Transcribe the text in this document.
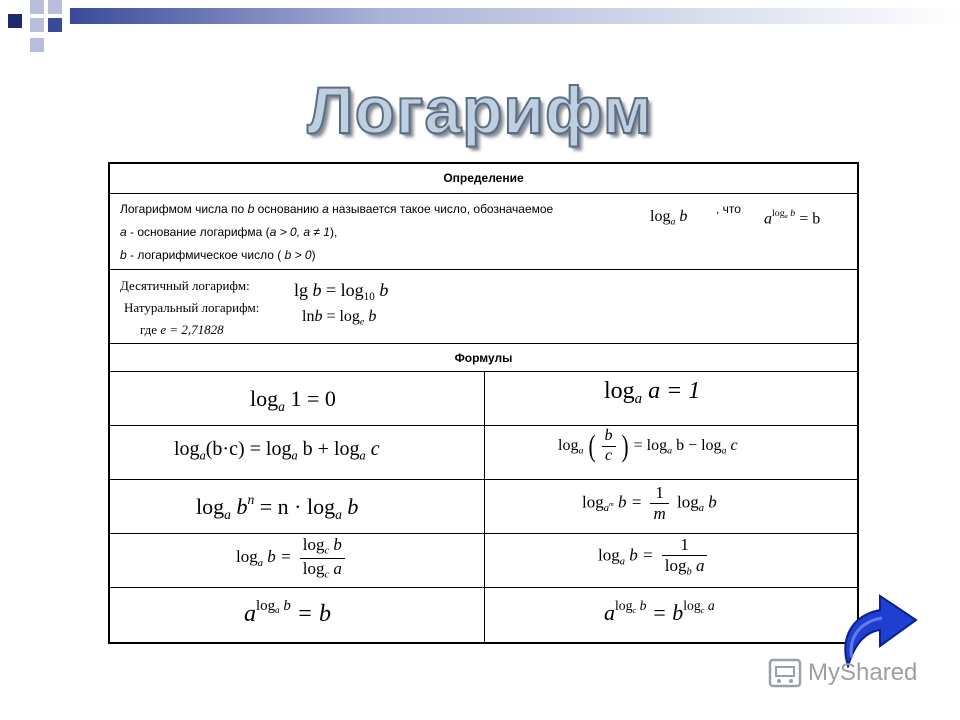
Логарифм
Определение
Логарифмом числа по b основанию a называется такое число, обозначаемое	, что
a - основание логарифма (a > 0, a ≠ 1),
b - логарифмическое число ( b > 0)
$\log_a b$	$a^{log_a b} = b$
Десятичный логарифм: $\lg b = \log_{10} b$
Натуральный логарифм:
$\ln b = \log_e b$
где e = 2,71828
Формулы
$\log_a 1 = 0$	$\log_a a = 1$
$\log_a(b\cdot c) = \log_a b + \log_a c$	$\log_a$ ( $\frac{b}{c}$ ) = $\log_a b - \log_a c$
$\log_a b^n = n \cdot \log_a b$	$\log_{a^m} b = \frac{1}{m} \log_a b$
$\log_a b = \frac{\log_c b}{\log_c a}$	$\log_a b = \frac{1}{\log_b a}$
$a^{log_a b} = b$	$a^{log_c b} = b^{log_c a}$
MyShared
